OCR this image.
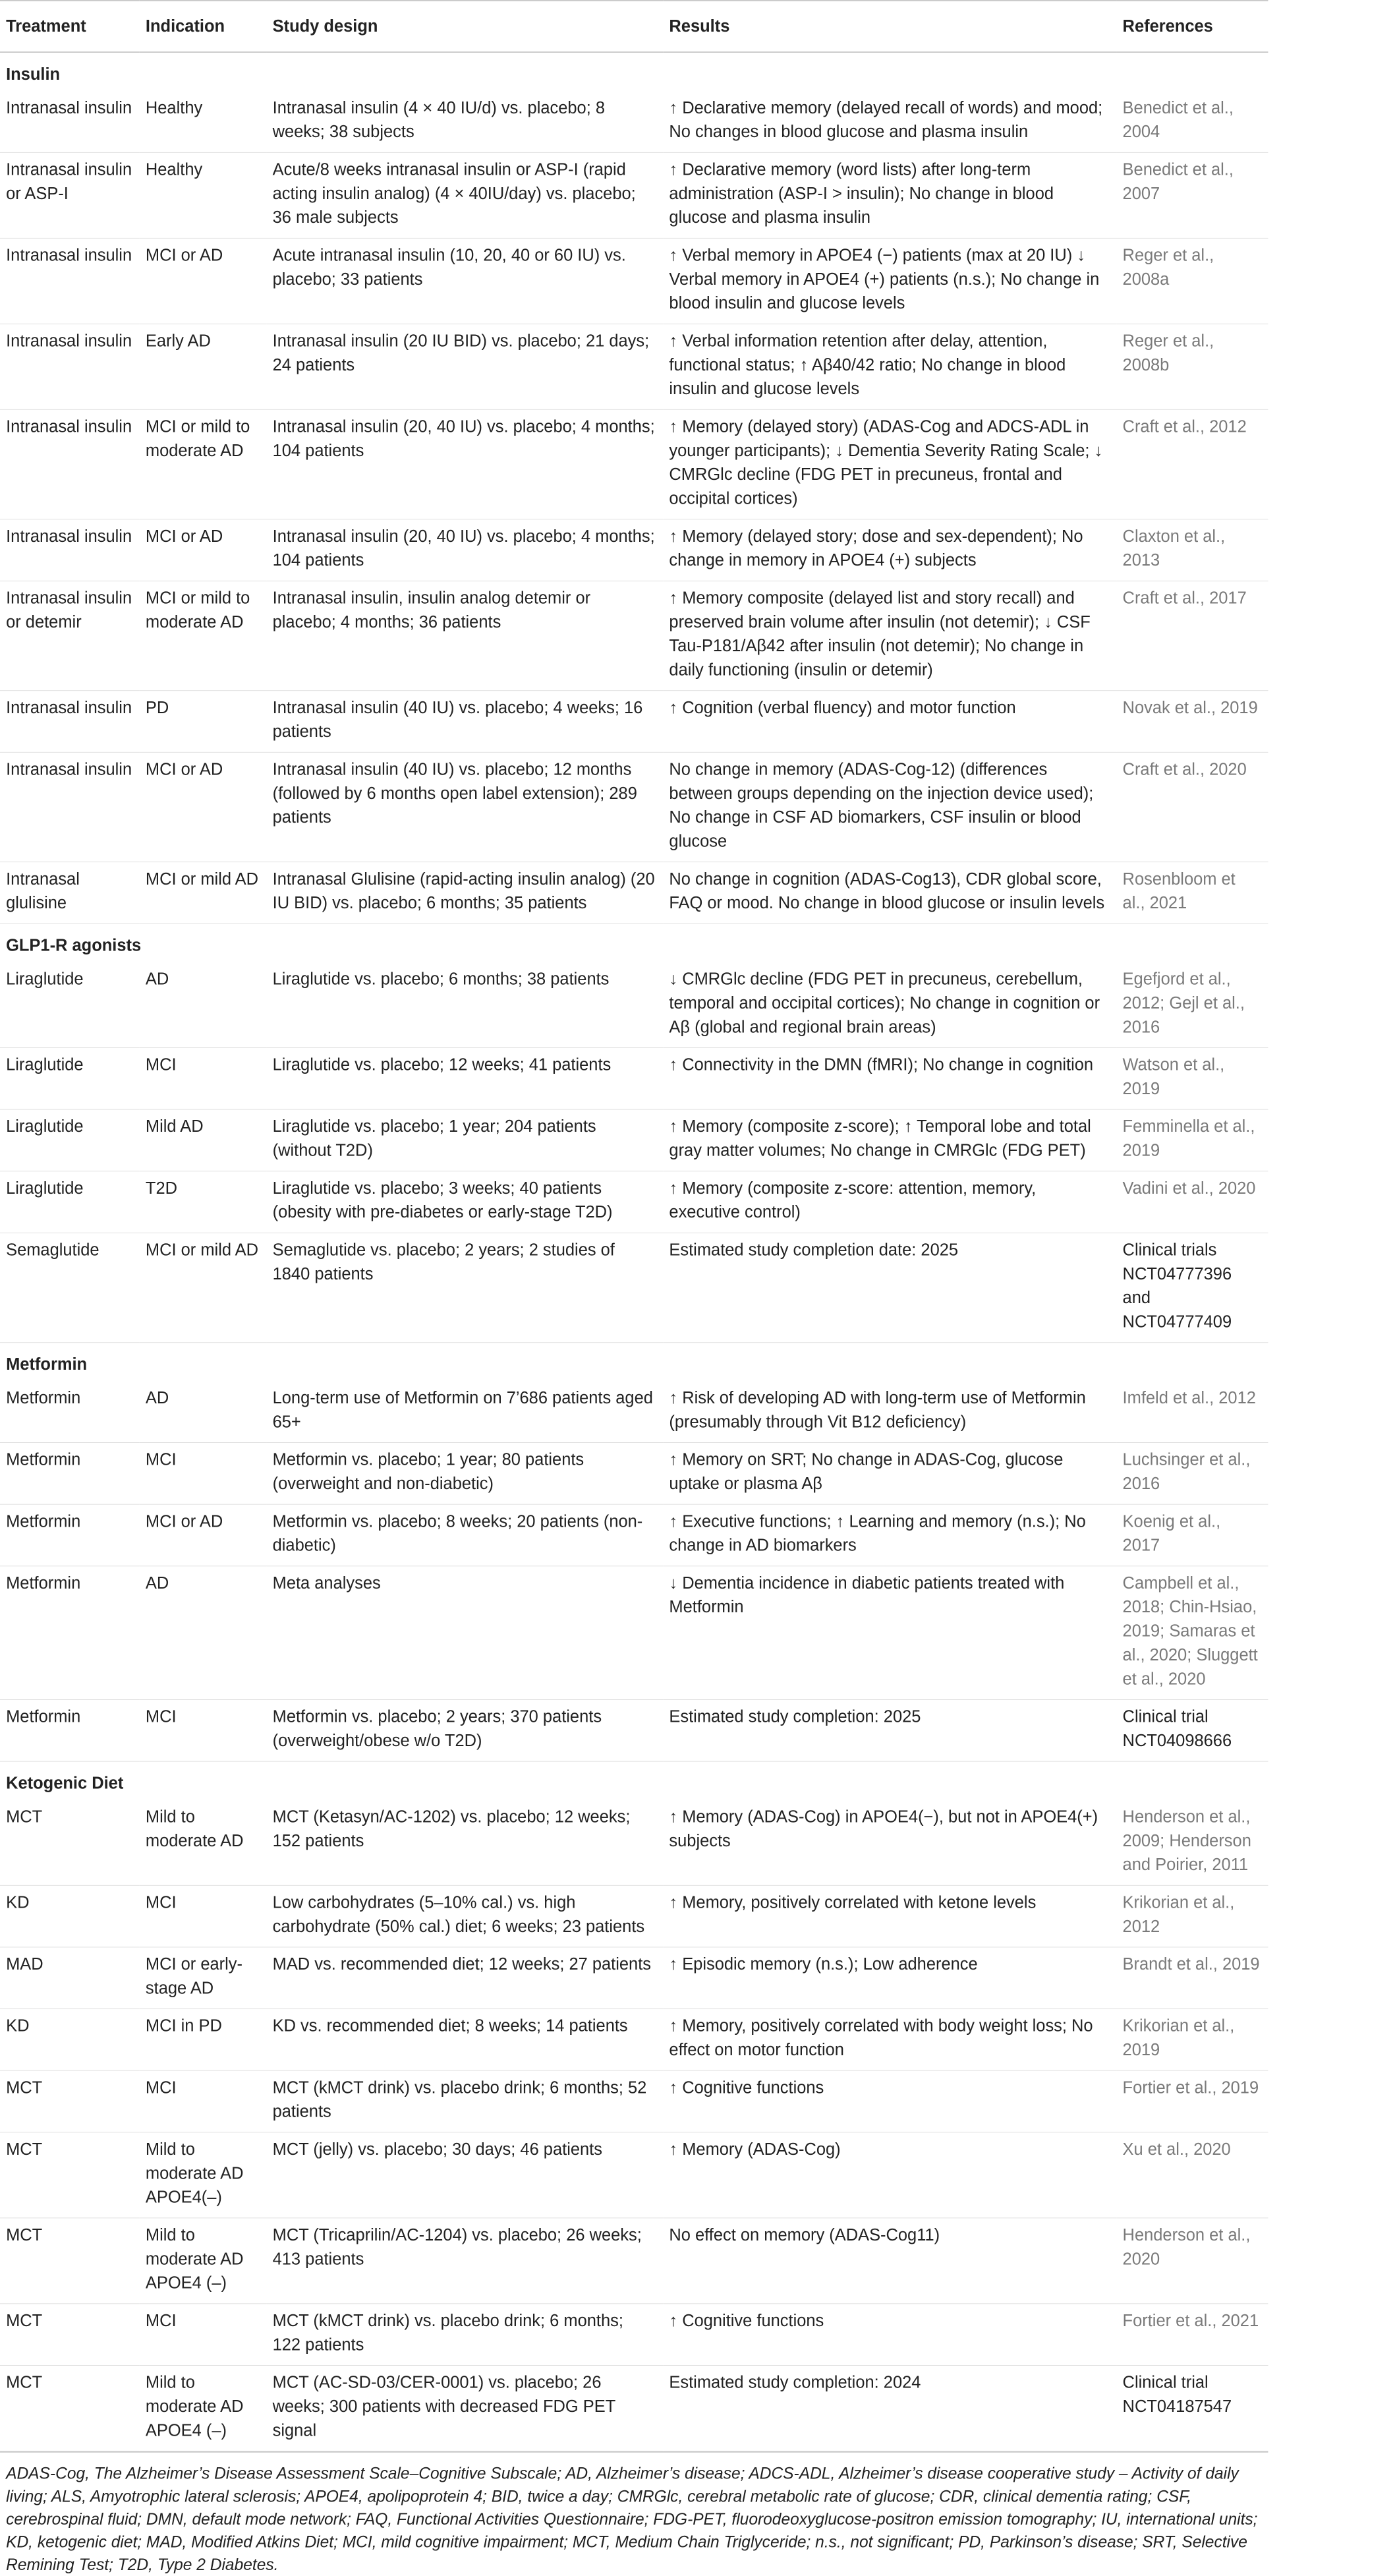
Treatment	Indication	Study design	Results	References
Insulin				
Intranasal insulin	Healthy	Intranasal insulin (4 × 40 IU/d) vs. placebo; 8 weeks; 38 subjects	↑ Declarative memory (delayed recall of words) and mood; No changes in blood glucose and plasma insulin	Benedict et al., 2004
Intranasal insulin or ASP-I	Healthy	Acute/8 weeks intranasal insulin or ASP-I (rapid acting insulin analog) (4 × 40IU/day) vs. placebo; 36 male subjects	↑ Declarative memory (word lists) after long-term administration (ASP-I > insulin); No change in blood glucose and plasma insulin	Benedict et al., 2007
Intranasal insulin	MCI or AD	Acute intranasal insulin (10, 20, 40 or 60 IU) vs. placebo; 33 patients	↑ Verbal memory in APOE4 (−) patients (max at 20 IU) ↓ Verbal memory in APOE4 (+) patients (n.s.); No change in blood insulin and glucose levels	Reger et al., 2008a
Intranasal insulin	Early AD	Intranasal insulin (20 IU BID) vs. placebo; 21 days; 24 patients	↑ Verbal information retention after delay, attention, functional status; ↑ Aβ40/42 ratio; No change in blood insulin and glucose levels	Reger et al., 2008b
Intranasal insulin	MCI or mild to moderate AD	Intranasal insulin (20, 40 IU) vs. placebo; 4 months; 104 patients	↑ Memory (delayed story) (ADAS-Cog and ADCS-ADL in younger participants); ↓ Dementia Severity Rating Scale; ↓ CMRGlc decline (FDG PET in precuneus, frontal and occipital cortices)	Craft et al., 2012
Intranasal insulin	MCI or AD	Intranasal insulin (20, 40 IU) vs. placebo; 4 months; 104 patients	↑ Memory (delayed story; dose and sex-dependent); No change in memory in APOE4 (+) subjects	Claxton et al., 2013
Intranasal insulin or detemir	MCI or mild to moderate AD	Intranasal insulin, insulin analog detemir or placebo; 4 months; 36 patients	↑ Memory composite (delayed list and story recall) and preserved brain volume after insulin (not detemir); ↓ CSF Tau-P181/Aβ42 after insulin (not detemir); No change in daily functioning (insulin or detemir)	Craft et al., 2017
Intranasal insulin	PD	Intranasal insulin (40 IU) vs. placebo; 4 weeks; 16 patients	↑ Cognition (verbal fluency) and motor function	Novak et al., 2019
Intranasal insulin	MCI or AD	Intranasal insulin (40 IU) vs. placebo; 12 months (followed by 6 months open label extension); 289 patients	No change in memory (ADAS-Cog-12) (differences between groups depending on the injection device used); No change in CSF AD biomarkers, CSF insulin or blood glucose	Craft et al., 2020
Intranasal glulisine	MCI or mild AD	Intranasal Glulisine (rapid-acting insulin analog) (20 IU BID) vs. placebo; 6 months; 35 patients	No change in cognition (ADAS-Cog13), CDR global score, FAQ or mood. No change in blood glucose or insulin levels	Rosenbloom et al., 2021
GLP1-R agonists				
Liraglutide	AD	Liraglutide vs. placebo; 6 months; 38 patients	↓ CMRGlc decline (FDG PET in precuneus, cerebellum, temporal and occipital cortices); No change in cognition or Aβ (global and regional brain areas)	Egefjord et al., 2012; Gejl et al., 2016
Liraglutide	MCI	Liraglutide vs. placebo; 12 weeks; 41 patients	↑ Connectivity in the DMN (fMRI); No change in cognition	Watson et al., 2019
Liraglutide	Mild AD	Liraglutide vs. placebo; 1 year; 204 patients (without T2D)	↑ Memory (composite z-score); ↑ Temporal lobe and total gray matter volumes; No change in CMRGlc (FDG PET)	Femminella et al., 2019
Liraglutide	T2D	Liraglutide vs. placebo; 3 weeks; 40 patients (obesity with pre-diabetes or early-stage T2D)	↑ Memory (composite z-score: attention, memory, executive control)	Vadini et al., 2020
Semaglutide	MCI or mild AD	Semaglutide vs. placebo; 2 years; 2 studies of 1840 patients	Estimated study completion date: 2025	Clinical trials NCT04777396 and NCT04777409
Metformin				
Metformin	AD	Long-term use of Metformin on 7’686 patients aged 65+	↑ Risk of developing AD with long-term use of Metformin (presumably through Vit B12 deficiency)	Imfeld et al., 2012
Metformin	MCI	Metformin vs. placebo; 1 year; 80 patients (overweight and non-diabetic)	↑ Memory on SRT; No change in ADAS-Cog, glucose uptake or plasma Aβ	Luchsinger et al., 2016
Metformin	MCI or AD	Metformin vs. placebo; 8 weeks; 20 patients (non-diabetic)	↑ Executive functions; ↑ Learning and memory (n.s.); No change in AD biomarkers	Koenig et al., 2017
Metformin	AD	Meta analyses	↓ Dementia incidence in diabetic patients treated with Metformin	Campbell et al., 2018; Chin-Hsiao, 2019; Samaras et al., 2020; Sluggett et al., 2020
Metformin	MCI	Metformin vs. placebo; 2 years; 370 patients (overweight/obese w/o T2D)	Estimated study completion: 2025	Clinical trial NCT04098666
Ketogenic Diet				
MCT	Mild to moderate AD	MCT (Ketasyn/AC-1202) vs. placebo; 12 weeks; 152 patients	↑ Memory (ADAS-Cog) in APOE4(−), but not in APOE4(+) subjects	Henderson et al., 2009; Henderson and Poirier, 2011
KD	MCI	Low carbohydrates (5–10% cal.) vs. high carbohydrate (50% cal.) diet; 6 weeks; 23 patients	↑ Memory, positively correlated with ketone levels	Krikorian et al., 2012
MAD	MCI or early-stage AD	MAD vs. recommended diet; 12 weeks; 27 patients	↑ Episodic memory (n.s.); Low adherence	Brandt et al., 2019
KD	MCI in PD	KD vs. recommended diet; 8 weeks; 14 patients	↑ Memory, positively correlated with body weight loss; No effect on motor function	Krikorian et al., 2019
MCT	MCI	MCT (kMCT drink) vs. placebo drink; 6 months; 52 patients	↑ Cognitive functions	Fortier et al., 2019
MCT	Mild to moderate AD APOE4(–)	MCT (jelly) vs. placebo; 30 days; 46 patients	↑ Memory (ADAS-Cog)	Xu et al., 2020
MCT	Mild to moderate AD APOE4 (–)	MCT (Tricaprilin/AC-1204) vs. placebo; 26 weeks; 413 patients	No effect on memory (ADAS-Cog11)	Henderson et al., 2020
MCT	MCI	MCT (kMCT drink) vs. placebo drink; 6 months; 122 patients	↑ Cognitive functions	Fortier et al., 2021
MCT	Mild to moderate AD APOE4 (–)	MCT (AC-SD-03/CER-0001) vs. placebo; 26 weeks; 300 patients with decreased FDG PET signal	Estimated study completion: 2024	Clinical trial NCT04187547
ADAS-Cog, The Alzheimer’s Disease Assessment Scale–Cognitive Subscale; AD, Alzheimer’s disease; ADCS-ADL, Alzheimer’s disease cooperative study – Activity of daily living; ALS, Amyotrophic lateral sclerosis; APOE4, apolipoprotein 4; BID, twice a day; CMRGlc, cerebral metabolic rate of glucose; CDR, clinical dementia rating; CSF, cerebrospinal fluid; DMN, default mode network; FAQ, Functional Activities Questionnaire; FDG-PET, fluorodeoxyglucose-positron emission tomography; IU, international units; KD, ketogenic diet; MAD, Modified Atkins Diet; MCI, mild cognitive impairment; MCT, Medium Chain Triglyceride; n.s., not significant; PD, Parkinson’s disease; SRT, Selective Remining Test; T2D, Type 2 Diabetes.
